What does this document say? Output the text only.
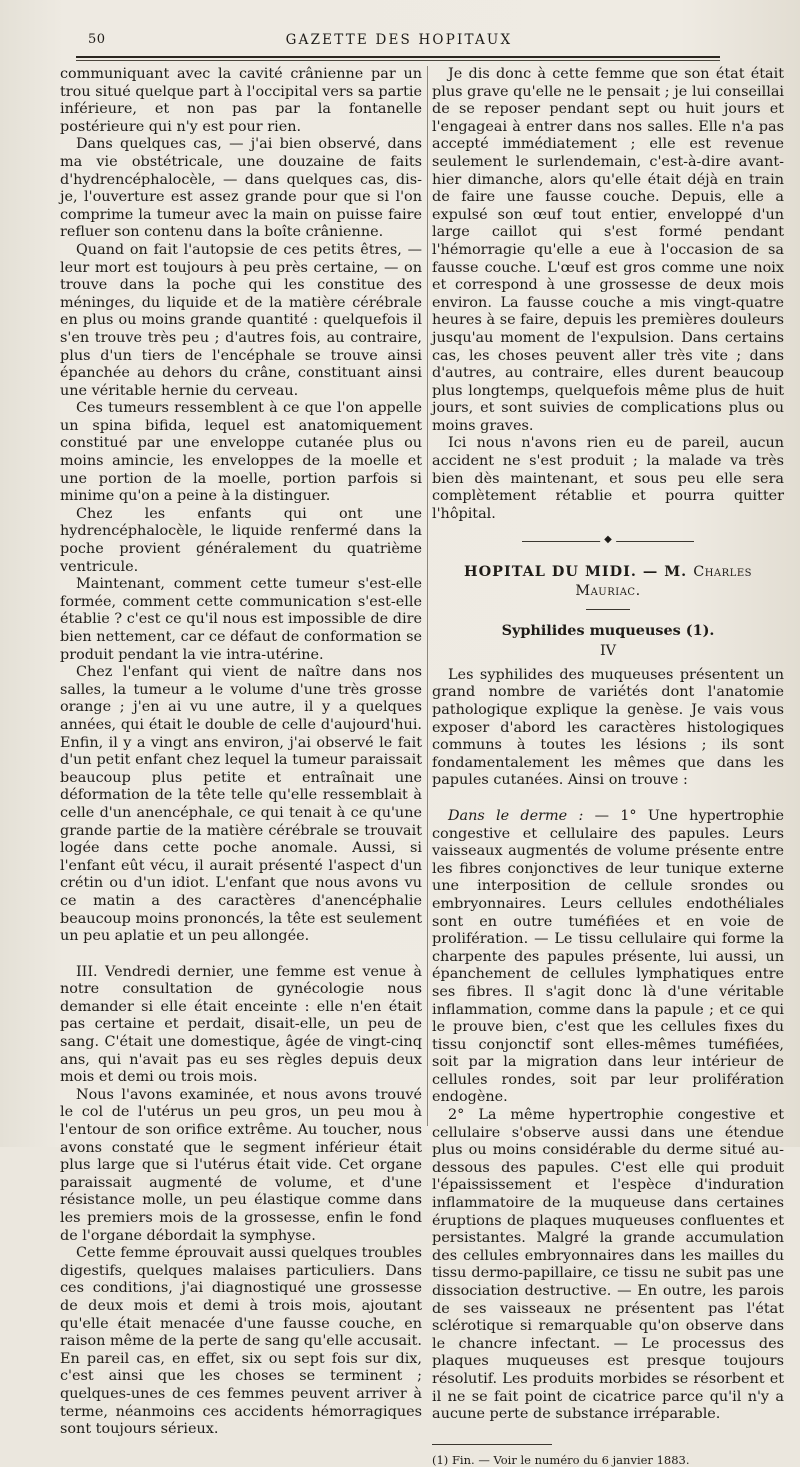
50	GAZETTE DES HOPITAUX

communiquant avec la cavité crânienne par un trou situé quelque part à l'occipital vers sa partie inférieure, et non pas par la fontanelle postérieure qui n'y est pour rien.

Dans quelques cas, — j'ai bien observé, dans ma vie obstétricale, une douzaine de faits d'hydrencéphalocèle, — dans quelques cas, dis-je, l'ouverture est assez grande pour que si l'on comprime la tumeur avec la main on puisse faire refluer son contenu dans la boîte crânienne.

Quand on fait l'autopsie de ces petits êtres, — leur mort est toujours à peu près certaine, — on trouve dans la poche qui les constitue des méninges, du liquide et de la matière cérébrale en plus ou moins grande quantité : quelquefois il s'en trouve très peu ; d'autres fois, au contraire, plus d'un tiers de l'encéphale se trouve ainsi épanchée au dehors du crâne, constituant ainsi une véritable hernie du cerveau.

Ces tumeurs ressemblent à ce que l'on appelle un spina bifida, lequel est anatomiquement constitué par une enveloppe cutanée plus ou moins amincie, les enveloppes de la moelle et une portion de la moelle, portion parfois si minime qu'on a peine à la distinguer.

Chez les enfants qui ont une hydrencéphalocèle, le liquide renfermé dans la poche provient généralement du quatrième ventricule.

Maintenant, comment cette tumeur s'est-elle formée, comment cette communication s'est-elle établie ? c'est ce qu'il nous est impossible de dire bien nettement, car ce défaut de conformation se produit pendant la vie intra-utérine.

Chez l'enfant qui vient de naître dans nos salles, la tumeur a le volume d'une très grosse orange ; j'en ai vu une autre, il y a quelques années, qui était le double de celle d'aujourd'hui. Enfin, il y a vingt ans environ, j'ai observé le fait d'un petit enfant chez lequel la tumeur paraissait beaucoup plus petite et entraînait une déformation de la tête telle qu'elle ressemblait à celle d'un anencéphale, ce qui tenait à ce qu'une grande partie de la matière cérébrale se trouvait logée dans cette poche anomale. Aussi, si l'enfant eût vécu, il aurait présenté l'aspect d'un crétin ou d'un idiot. L'enfant que nous avons vu ce matin a des caractères d'anencéphalie beaucoup moins prononcés, la tête est seulement un peu aplatie et un peu allongée.

III. Vendredi dernier, une femme est venue à notre consultation de gynécologie nous demander si elle était enceinte : elle n'en était pas certaine et perdait, disait-elle, un peu de sang. C'était une domestique, âgée de vingt-cinq ans, qui n'avait pas eu ses règles depuis deux mois et demi ou trois mois.

Nous l'avons examinée, et nous avons trouvé le col de l'utérus un peu gros, un peu mou à l'entour de son orifice extrême. Au toucher, nous avons constaté que le segment inférieur était plus large que si l'utérus était vide. Cet organe paraissait augmenté de volume, et d'une résistance molle, un peu élastique comme dans les premiers mois de la grossesse, enfin le fond de l'organe débordait la symphyse.

Cette femme éprouvait aussi quelques troubles digestifs, quelques malaises particuliers. Dans ces conditions, j'ai diagnostiqué une grossesse de deux mois et demi à trois mois, ajoutant qu'elle était menacée d'une fausse couche, en raison même de la perte de sang qu'elle accusait. En pareil cas, en effet, six ou sept fois sur dix, c'est ainsi que les choses se terminent ; quelques-unes de ces femmes peuvent arriver à terme, néanmoins ces accidents hémorragiques sont toujours sérieux.

Je dis donc à cette femme que son état était plus grave qu'elle ne le pensait ; je lui conseillai de se reposer pendant sept ou huit jours et l'engageai à entrer dans nos salles. Elle n'a pas accepté immédiatement ; elle est revenue seulement le surlendemain, c'est-à-dire avant-hier dimanche, alors qu'elle était déjà en train de faire une fausse couche. Depuis, elle a expulsé son œuf tout entier, enveloppé d'un large caillot qui s'est formé pendant l'hémorragie qu'elle a eue à l'occasion de sa fausse couche. L'œuf est gros comme une noix et correspond à une grossesse de deux mois environ. La fausse couche a mis vingt-quatre heures à se faire, depuis les premières douleurs jusqu'au moment de l'expulsion. Dans certains cas, les choses peuvent aller très vite ; dans d'autres, au contraire, elles durent beaucoup plus longtemps, quelquefois même plus de huit jours, et sont suivies de complications plus ou moins graves.

Ici nous n'avons rien eu de pareil, aucun accident ne s'est produit ; la malade va très bien dès maintenant, et sous peu elle sera complètement rétablie et pourra quitter l'hôpital.

◆
HOPITAL DU MIDI. — M. Charles Mauriac.
Syphilides muqueuses (1).
IV

Les syphilides des muqueuses présentent un grand nombre de variétés dont l'anatomie pathologique explique la genèse. Je vais vous exposer d'abord les caractères histologiques communs à toutes les lésions ; ils sont fondamentalement les mêmes que dans les papules cutanées. Ainsi on trouve :

Dans le derme : — 1° Une hypertrophie congestive et cellulaire des papules. Leurs vaisseaux augmentés de volume présente entre les fibres conjonctives de leur tunique externe une interposition de cellule srondes ou embryonnaires. Leurs cellules endothéliales sont en outre tuméfiées et en voie de prolifération. — Le tissu cellulaire qui forme la charpente des papules présente, lui aussi, un épanchement de cellules lymphatiques entre ses fibres. Il s'agit donc là d'une véritable inflammation, comme dans la papule ; et ce qui le prouve bien, c'est que les cellules fixes du tissu conjonctif sont elles-mêmes tuméfiées, soit par la migration dans leur intérieur de cellules rondes, soit par leur prolifération endogène.

2° La même hypertrophie congestive et cellulaire s'observe aussi dans une étendue plus ou moins considérable du derme situé au-dessous des papules. C'est elle qui produit l'épaississement et l'espèce d'induration inflammatoire de la muqueuse dans certaines éruptions de plaques muqueuses confluentes et persistantes. Malgré la grande accumulation des cellules embryonnaires dans les mailles du tissu dermo-papillaire, ce tissu ne subit pas une dissociation destructive. — En outre, les parois de ses vaisseaux ne présentent pas l'état sclérotique si remarquable qu'on observe dans le chancre infectant. — Le processus des plaques muqueuses est presque toujours résolutif. Les produits morbides se résorbent et il ne se fait point de cicatrice parce qu'il n'y a aucune perte de substance irréparable.

(1) Fin. — Voir le numéro du 6 janvier 1883.
